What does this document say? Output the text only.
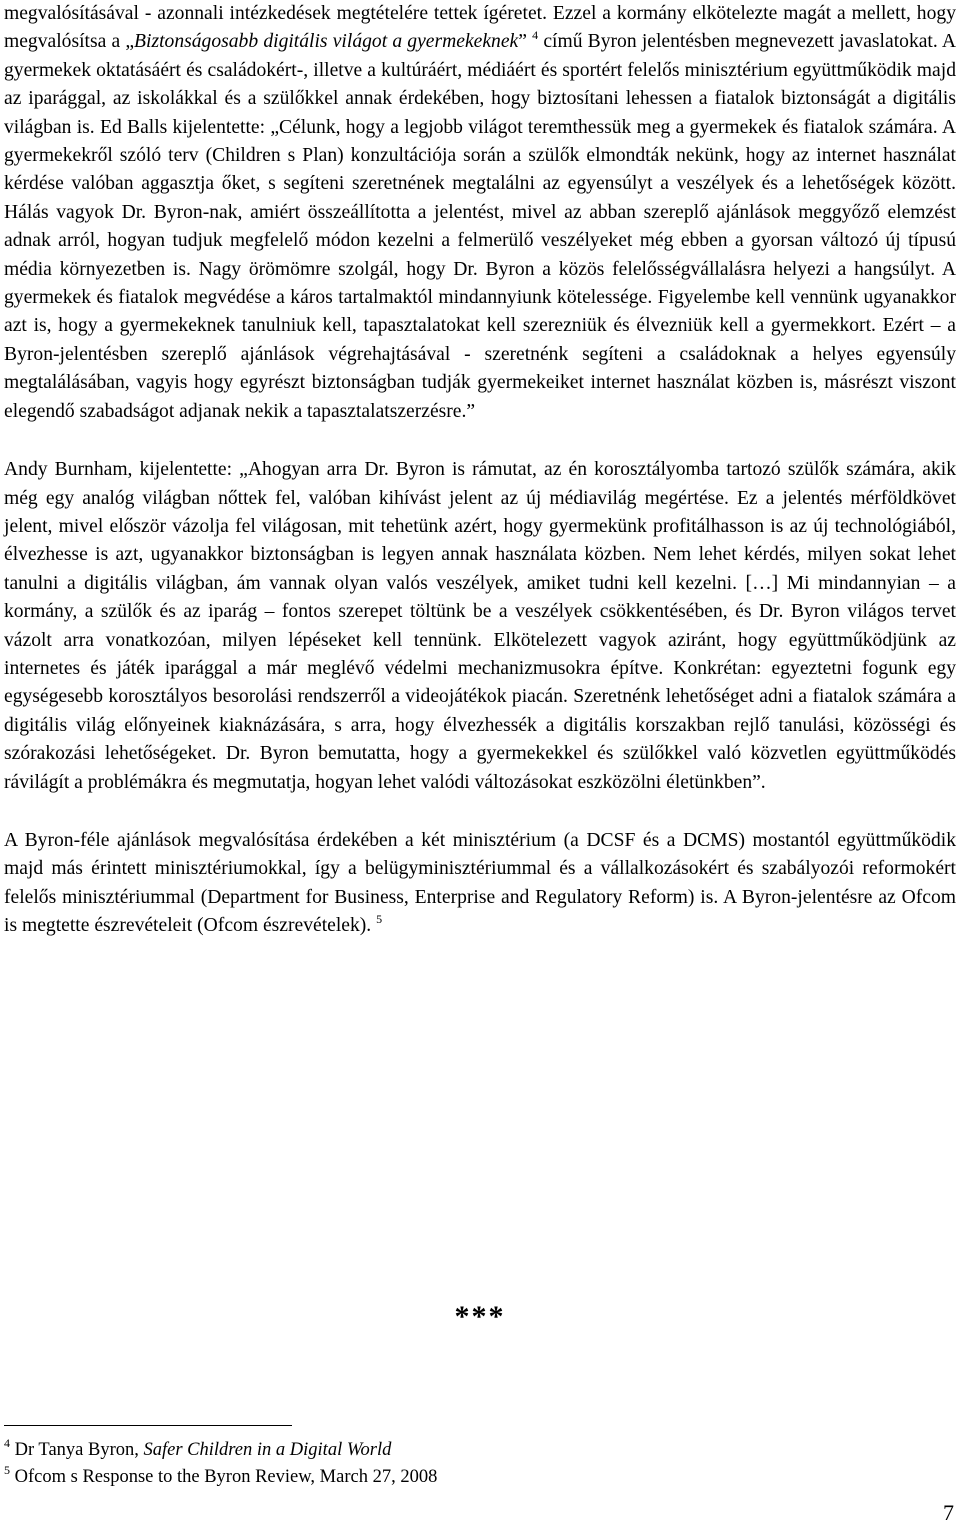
megvalósításával - azonnali intézkedések megtételére tettek ígéretet. Ezzel a kormány elkötelezte magát a mellett, hogy megvalósítsa a „Biztonságosabb digitális világot a gyermekeknek” $^4$ című Byron jelentésben megnevezett javaslatokat. A gyermekek oktatásáért és családokért-, illetve a kultúráért, médiáért és sportért felelős minisztérium együttműködik majd az iparággal, az iskolákkal és a szülőkkel annak érdekében, hogy biztosítani lehessen a fiatalok biztonságát a digitális világban is. Ed Balls kijelentette: „Célunk, hogy a legjobb világot teremthessük meg a gyermekek és fiatalok számára. A gyermekekről szóló terv (Children s Plan) konzultációja során a szülők elmondták nekünk, hogy az internet használat kérdése valóban aggasztja őket, s segíteni szeretnének megtalálni az egyensúlyt a veszélyek és a lehetőségek között. Hálás vagyok Dr. Byron-nak, amiért összeállította a jelentést, mivel az abban szereplő ajánlások meggyőző elemzést adnak arról, hogyan tudjuk megfelelő módon kezelni a felmerülő veszélyeket még ebben a gyorsan változó új típusú média környezetben is. Nagy örömömre szolgál, hogy Dr. Byron a közös felelősségvállalásra helyezi a hangsúlyt. A gyermekek és fiatalok megvédése a káros tartalmaktól mindannyiunk kötelessége. Figyelembe kell vennünk ugyanakkor azt is, hogy a gyermekeknek tanulniuk kell, tapasztalatokat kell szerezniük és élvezniük kell a gyermekkort. Ezért – a Byron-jelentésben szereplő ajánlások végrehajtásával - szeretnénk segíteni a családoknak a helyes egyensúly megtalálásában, vagyis hogy egyrészt biztonságban tudják gyermekeiket internet használat közben is, másrészt viszont elegendő szabadságot adjanak nekik a tapasztalatszerzésre.”

Andy Burnham, kijelentette: „Ahogyan arra Dr. Byron is rámutat, az én korosztályomba tartozó szülők számára, akik még egy analóg világban nőttek fel, valóban kihívást jelent az új médiavilág megértése. Ez a jelentés mérföldkövet jelent, mivel először vázolja fel világosan, mit tehetünk azért, hogy gyermekünk profitálhasson is az új technológiából, élvezhesse is azt, ugyanakkor biztonságban is legyen annak használata közben. Nem lehet kérdés, milyen sokat lehet tanulni a digitális világban, ám vannak olyan valós veszélyek, amiket tudni kell kezelni. […] Mi mindannyian – a kormány, a szülők és az iparág – fontos szerepet töltünk be a veszélyek csökkentésében, és Dr. Byron világos tervet vázolt arra vonatkozóan, milyen lépéseket kell tennünk. Elkötelezett vagyok aziránt, hogy együttműködjünk az internetes és játék iparággal a már meglévő védelmi mechanizmusokra építve. Konkrétan: egyeztetni fogunk egy egységesebb korosztályos besorolási rendszerről a videojátékok piacán. Szeretnénk lehetőséget adni a fiatalok számára a digitális világ előnyeinek kiaknázására, s arra, hogy élvezhessék a digitális korszakban rejlő tanulási, közösségi és szórakozási lehetőségeket. Dr. Byron bemutatta, hogy a gyermekekkel és szülőkkel való közvetlen együttműködés rávilágít a problémákra és megmutatja, hogyan lehet valódi változásokat eszközölni életünkben”.

A Byron-féle ajánlások megvalósítása érdekében a két minisztérium (a DCSF és a DCMS) mostantól együttműködik majd más érintett minisztériumokkal, így a belügyminisztériummal és a vállalkozásokért és szabályozói reformokért felelős minisztériummal (Department for Business, Enterprise and Regulatory Reform) is. A Byron-jelentésre az Ofcom is megtette észrevételeit (Ofcom észrevételek). $^5$

***
$^4$ Dr Tanya Byron, Safer Children in a Digital World
$^5$ Ofcom s Response to the Byron Review, March 27, 2008
7
